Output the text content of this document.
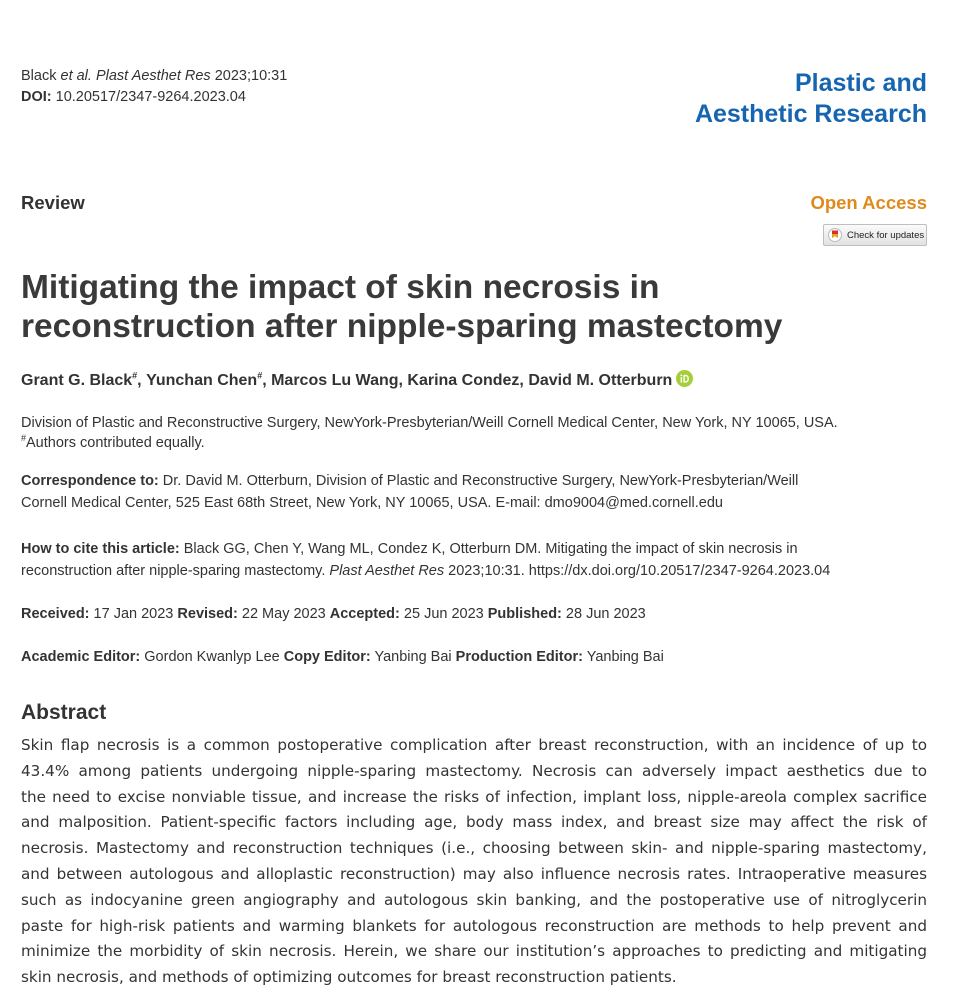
Black et al. Plast Aesthet Res 2023;10:31
DOI: 10.20517/2347-9264.2023.04	Plastic and
Aesthetic Research
Review	Open Access
Check for updates
Mitigating the impact of skin necrosis in
reconstruction after nipple-sparing mastectomy
Grant G. Black# , Yunchan Chen# , Marcos Lu Wang , Karina Condez , David M. Otterburn
Division of Plastic and Reconstructive Surgery, NewYork-Presbyterian/Weill Cornell Medical Center, New York, NY 10065, USA.
#Authors contributed equally.
Correspondence to: Dr. David M. Otterburn, Division of Plastic and Reconstructive Surgery, NewYork-Presbyterian/Weill
Cornell Medical Center, 525 East 68th Street, New York, NY 10065, USA. E-mail: dmo9004@med.cornell.edu
How to cite this article: Black GG, Chen Y, Wang ML, Condez K, Otterburn DM. Mitigating the impact of skin necrosis in
reconstruction after nipple-sparing mastectomy. Plast Aesthet Res 2023;10:31. https://dx.doi.org/10.20517/2347-9264.2023.04
Received: 17 Jan 2023 Revised: 22 May 2023 Accepted: 25 Jun 2023 Published: 28 Jun 2023
Academic Editor: Gordon Kwanlyp Lee Copy Editor: Yanbing Bai Production Editor: Yanbing Bai
Abstract
Skin flap necrosis is a common postoperative complication after breast reconstruction, with an incidence of up to
43.4% among patients undergoing nipple-sparing mastectomy. Necrosis can adversely impact aesthetics due to
the need to excise nonviable tissue, and increase the risks of infection, implant loss, nipple-areola complex sacrifice
and malposition. Patient-specific factors including age, body mass index, and breast size may affect the risk of
necrosis. Mastectomy and reconstruction techniques (i.e., choosing between skin- and nipple-sparing mastectomy,
and between autologous and alloplastic reconstruction) may also influence necrosis rates. Intraoperative measures
such as indocyanine green angiography and autologous skin banking, and the postoperative use of nitroglycerin
paste for high-risk patients and warming blankets for autologous reconstruction are methods to help prevent and
minimize the morbidity of skin necrosis. Herein, we share our institution’s approaches to predicting and mitigating
skin necrosis, and methods of optimizing outcomes for breast reconstruction patients.
